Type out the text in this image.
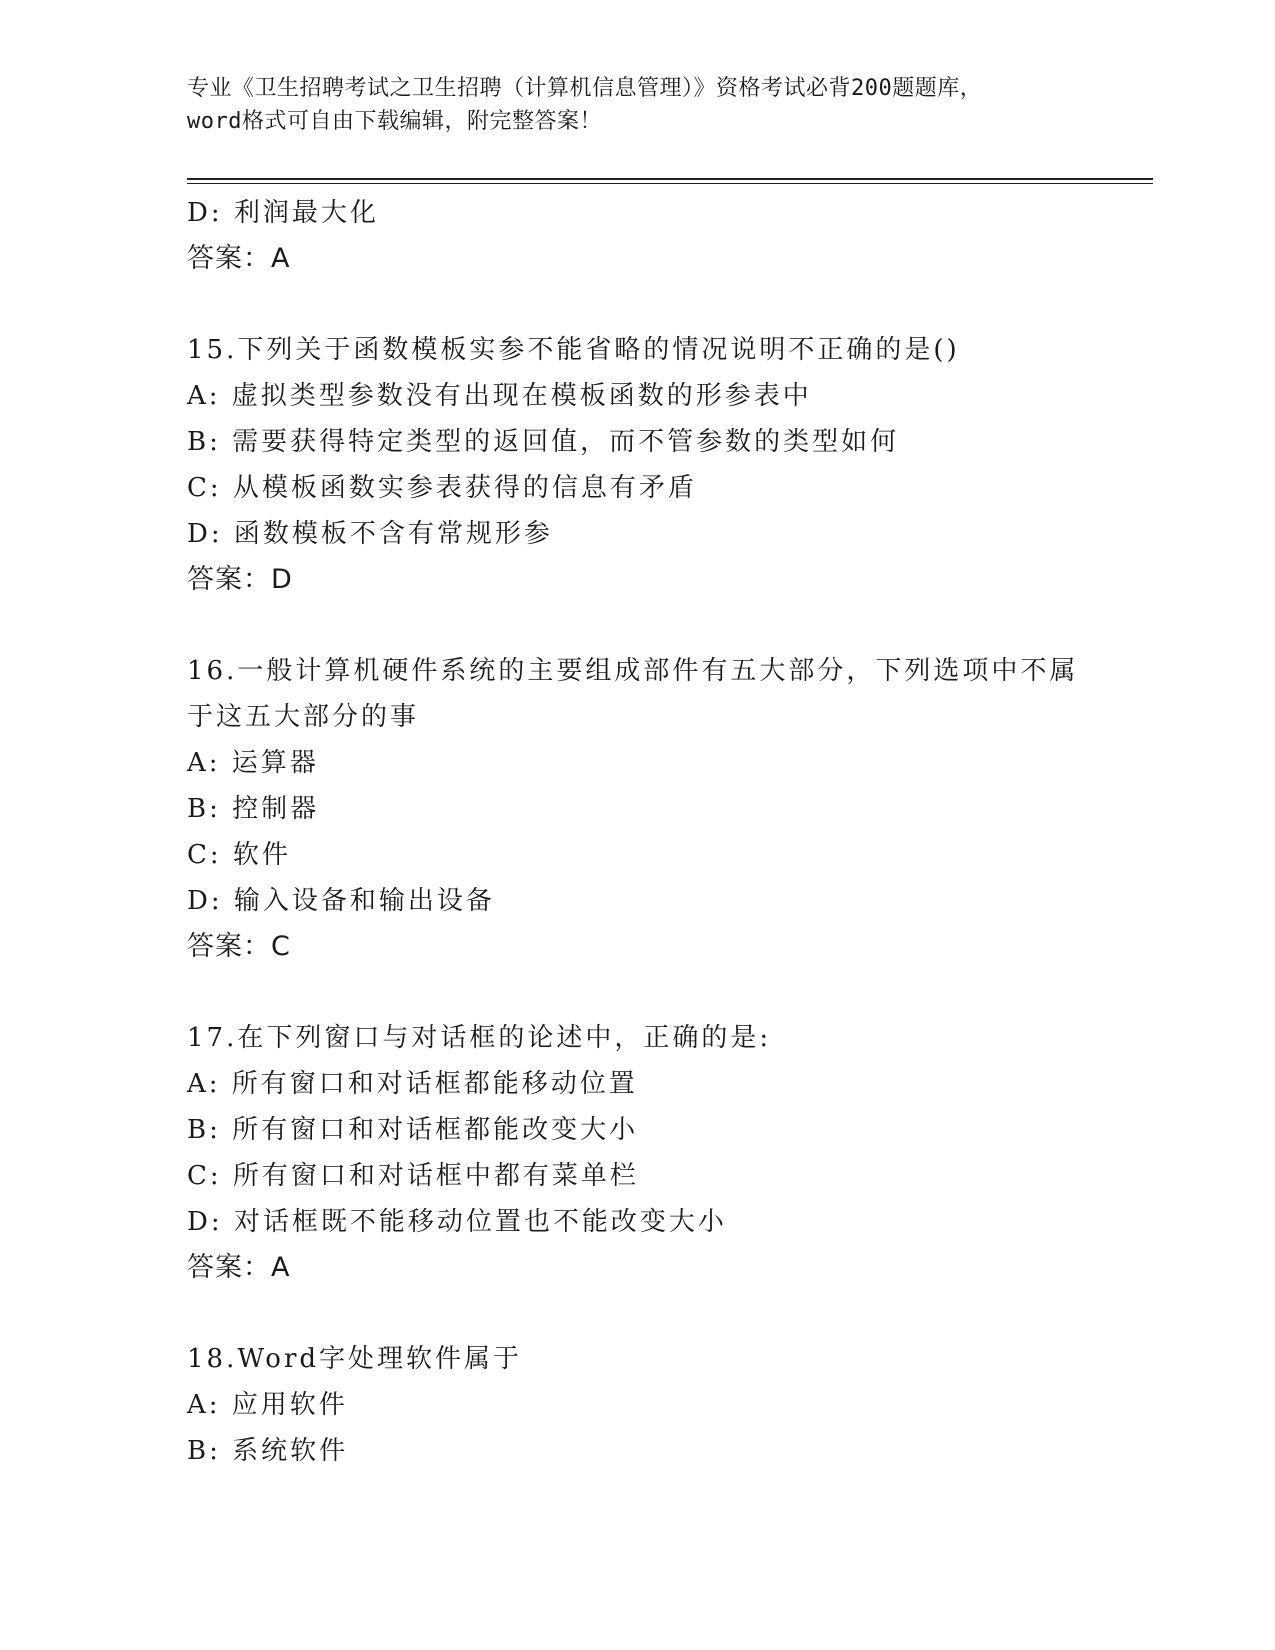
专业《卫生招聘考试之卫生招聘（计算机信息管理）》资格考试必背200题题库，
word格式可自由下载编辑，附完整答案！
D: 利润最大化
答案：A
15.下列关于函数模板实参不能省略的情况说明不正确的是()
A: 虚拟类型参数没有出现在模板函数的形参表中
B: 需要获得特定类型的返回值，而不管参数的类型如何
C: 从模板函数实参表获得的信息有矛盾
D: 函数模板不含有常规形参
答案：D
16.一般计算机硬件系统的主要组成部件有五大部分，下列选项中不属
于这五大部分的事
A: 运算器
B: 控制器
C: 软件
D: 输入设备和输出设备
答案：C
17.在下列窗口与对话框的论述中，正确的是:
A: 所有窗口和对话框都能移动位置
B: 所有窗口和对话框都能改变大小
C: 所有窗口和对话框中都有菜单栏
D: 对话框既不能移动位置也不能改变大小
答案：A
18.Word字处理软件属于
A: 应用软件
B: 系统软件
